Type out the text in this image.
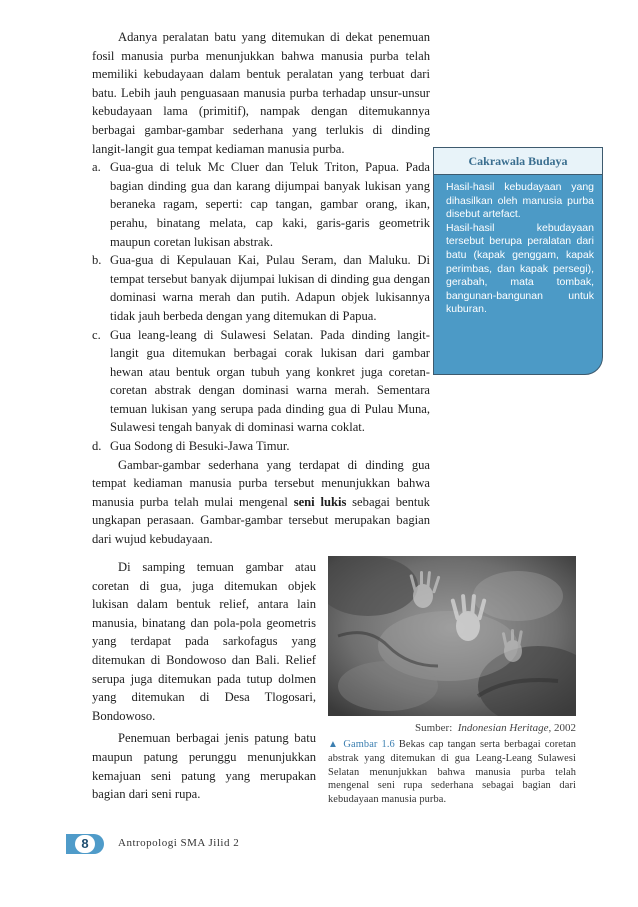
Adanya peralatan batu yang ditemukan di dekat penemuan fosil manusia purba menunjukkan bahwa manusia purba telah memiliki kebudayaan dalam bentuk peralatan yang terbuat dari batu. Lebih jauh penguasaan manusia purba terhadap unsur-unsur kebudayaan lama (primitif), nampak dengan ditemukannya berbagai gambar-gambar sederhana yang terlukis di dinding langit-langit gua tempat kediaman manusia purba.

a. Gua-gua di teluk Mc Cluer dan Teluk Triton, Papua. Pada bagian dinding gua dan karang dijumpai banyak lukisan yang beraneka ragam, seperti: cap tangan, gambar orang, ikan, perahu, binatang melata, cap kaki, garis-garis geometrik maupun coretan lukisan abstrak.
b. Gua-gua di Kepulauan Kai, Pulau Seram, dan Maluku. Di tempat tersebut banyak dijumpai lukisan di dinding gua dengan dominasi warna merah dan putih. Adapun objek lukisannya tidak jauh berbeda dengan yang ditemukan di Papua.
c. Gua leang-leang di Sulawesi Selatan. Pada dinding langit-langit gua ditemukan berbagai corak lukisan dari gambar hewan atau bentuk organ tubuh yang konkret juga coretan-coretan abstrak dengan dominasi warna merah. Sementara temuan lukisan yang serupa pada dinding gua di Pulau Muna, Sulawesi tengah banyak di dominasi warna coklat.
d. Gua Sodong di Besuki-Jawa Timur.

Gambar-gambar sederhana yang terdapat di dinding gua tempat kediaman manusia purba tersebut menunjukkan bahwa manusia purba telah mulai mengenal seni lukis sebagai bentuk ungkapan perasaan. Gambar-gambar tersebut merupakan bagian dari wujud kebudayaan.

Di samping temuan gambar atau coretan di gua, juga ditemukan objek lukisan dalam bentuk relief, antara lain manusia, binatang dan pola-pola geometris yang terdapat pada sarkofagus yang ditemukan di Bondowoso dan Bali. Relief serupa juga ditemukan pada tutup dolmen yang ditemukan di Desa Tlogosari, Bondowoso.

Penemuan berbagai jenis patung batu maupun patung perunggu menunjukkan kemajuan seni patung yang merupakan bagian dari seni rupa.

Cakrawala Budaya

Hasil-hasil kebudayaan yang dihasilkan oleh manusia purba disebut artefact.

Hasil-hasil kebudayaan tersebut berupa peralatan dari batu (kapak genggam, kapak perimbas, dan kapak persegi), gerabah, mata tombak, bangunan-bangunan untuk kuburan.

Sumber: Indonesian Heritage, 2002
▲ Gambar 1.6 Bekas cap tangan serta berbagai coretan abstrak yang ditemukan di gua Leang-Leang Sulawesi Selatan menunjukkan bahwa manusia purba telah mengenal seni rupa sederhana sebagai bagian dari kebudayaan manusia purba.
8	Antropologi SMA Jilid 2
